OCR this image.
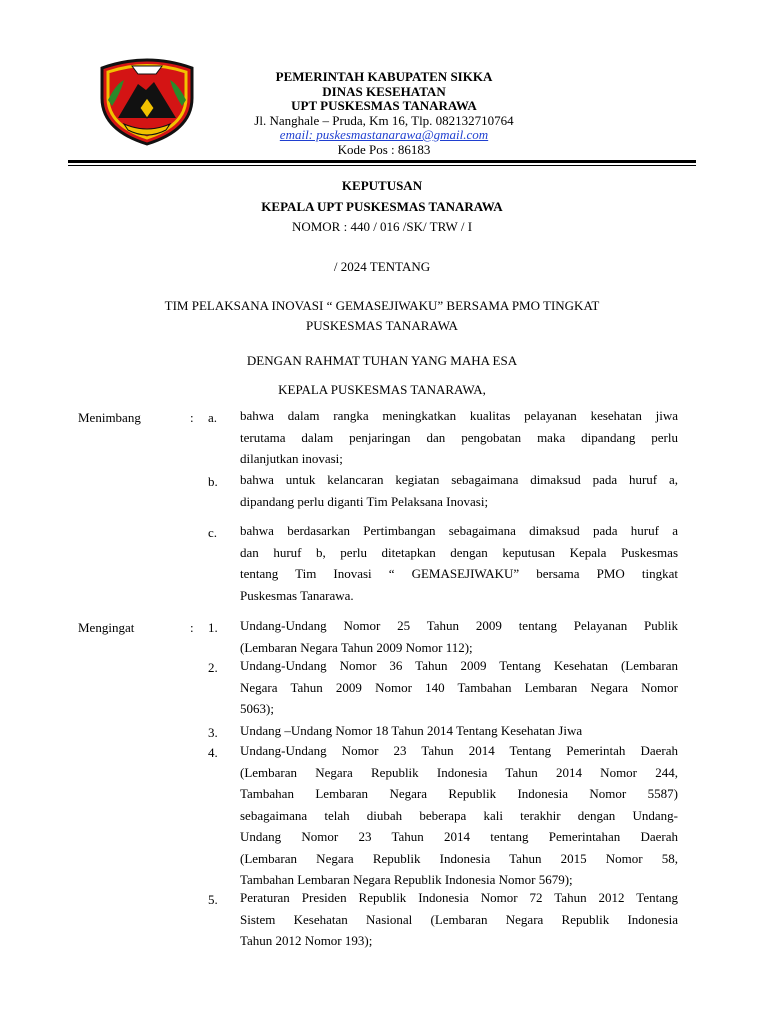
PEMERINTAH KABUPATEN SIKKA
DINAS KESEHATAN
UPT PUSKESMAS TANARAWA
Jl. Nanghale – Pruda, Km 16, Tlp. 082132710764
email: puskesmastanarawa@gmail.com
Kode Pos : 86183
KEPUTUSAN
KEPALA UPT PUSKESMAS TANARAWA
NOMOR : 440 / 016 /SK/ TRW / I
/ 2024 TENTANG
TIM PELAKSANA INOVASI “ GEMASEJIWAKU” BERSAMA PMO TINGKAT
PUSKESMAS TANARAWA
DENGAN RAHMAT TUHAN YANG MAHA ESA
KEPALA PUSKESMAS TANARAWA,
Menimbang	: a. bahwa dalam rangka meningkatkan kualitas pelayanan kesehatan jiwa
terutama dalam penjaringan dan pengobatan maka dipandang perlu
dilanjutkan inovasi;
b. bahwa untuk kelancaran kegiatan sebagaimana dimaksud pada huruf a,
dipandang perlu diganti Tim Pelaksana Inovasi;
c. bahwa berdasarkan Pertimbangan sebagaimana dimaksud pada huruf a
dan huruf b, perlu ditetapkan dengan keputusan Kepala Puskesmas
tentang Tim Inovasi “ GEMASEJIWAKU” bersama PMO tingkat
Puskesmas Tanarawa.
Mengingat	: 1. Undang-Undang Nomor 25 Tahun 2009 tentang Pelayanan Publik
(Lembaran Negara Tahun 2009 Nomor 112);
2. Undang-Undang Nomor 36 Tahun 2009 Tentang Kesehatan (Lembaran
Negara Tahun 2009 Nomor 140 Tambahan Lembaran Negara Nomor
5063);
3. Undang –Undang Nomor 18 Tahun 2014 Tentang Kesehatan Jiwa
4. Undang-Undang Nomor 23 Tahun 2014 Tentang Pemerintah Daerah
(Lembaran Negara Republik Indonesia Tahun 2014 Nomor 244,
Tambahan Lembaran Negara Republik Indonesia Nomor 5587)
sebagaimana telah diubah beberapa kali terakhir dengan Undang-
Undang Nomor 23 Tahun 2014 tentang Pemerintahan Daerah
(Lembaran Negara Republik Indonesia Tahun 2015 Nomor 58,
Tambahan Lembaran Negara Republik Indonesia Nomor 5679);
5. Peraturan Presiden Republik Indonesia Nomor 72 Tahun 2012 Tentang
Sistem Kesehatan Nasional (Lembaran Negara Republik Indonesia
Tahun 2012 Nomor 193);
